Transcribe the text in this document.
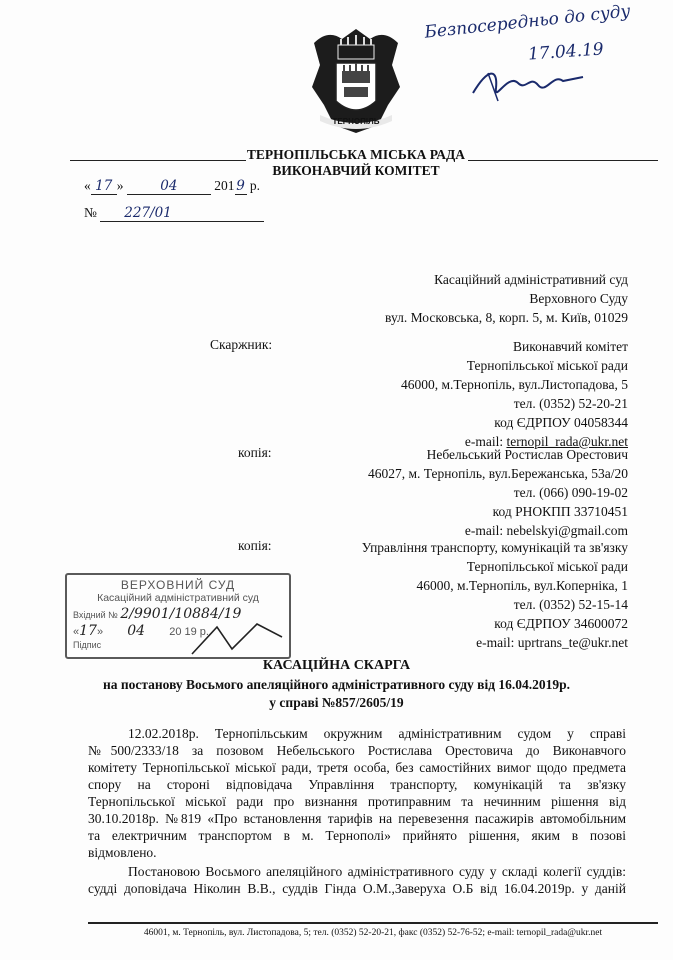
Безпосередньо до суду
17.04.19
ТЕРНОПІЛЬ
ТЕРНОПІЛЬСЬКА МІСЬКА РАДА
ВИКОНАВЧИЙ КОМІТЕТ
« 17 »	04	201 9 р.
№ 227/01
Касаційний адміністративний суд
Верховного Суду
вул. Московська, 8, корп. 5, м. Київ, 01029
Скаржник:	Виконавчий комітет
Тернопільської міської ради
46000, м.Тернопіль, вул.Листопадова, 5
тел. (0352) 52-20-21
код ЄДРПОУ 04058344
e-mail: ternopil_rada@ukr.net
копія:	Небельський Ростислав Орестович
46027, м. Тернопіль, вул.Бережанська, 53а/20
тел. (066) 090-19-02
код РНОКПП 33710451
e-mail: nebelskyi@gmail.com
копія:	Управління транспорту, комунікацій та зв'язку
Тернопільської міської ради
46000, м.Тернопіль, вул.Коперніка, 1
тел. (0352) 52-15-14
код ЄДРПОУ 34600072
e-mail: uprtrans_te@ukr.net
ВЕРХОВНИЙ СУД
Касаційний адміністративний суд
Вхідний № 2/9901/10884/19
«17» 04 20 19 р.
Підпис
КАСАЦІЙНА СКАРГА
на постанову Восьмого апеляційного адміністративного суду від 16.04.2019р.
у справі №857/2605/19
12.02.2018р. Тернопільським окружним адміністративним судом у справі
№500/2333/18 за позовом Небельського Ростислава Орестовича до Виконавчого
комітету Тернопільської міської ради, третя особа, без самостійних вимог щодо предмета
спору на стороні відповідача Управління транспорту, комунікацій та зв'язку
Тернопільської міської ради про визнання протиправним та нечинним рішення від
30.10.2018р. №819 «Про встановлення тарифів на перевезення пасажирів автомобільним
та електричним транспортом в м. Тернополі» прийнято рішення, яким в позові
відмовлено.
Постановою Восьмого апеляційного адміністративного суду у складі колегії суддів:
судді доповідача Ніколин В.В., суддів Гінда О.М.,Заверуха О.Б від 16.04.2019р. у даній
46001, м. Тернопіль, вул. Листопадова, 5; тел. (0352) 52-20-21, факс (0352) 52-76-52; e-mail: ternopil_rada@ukr.net
